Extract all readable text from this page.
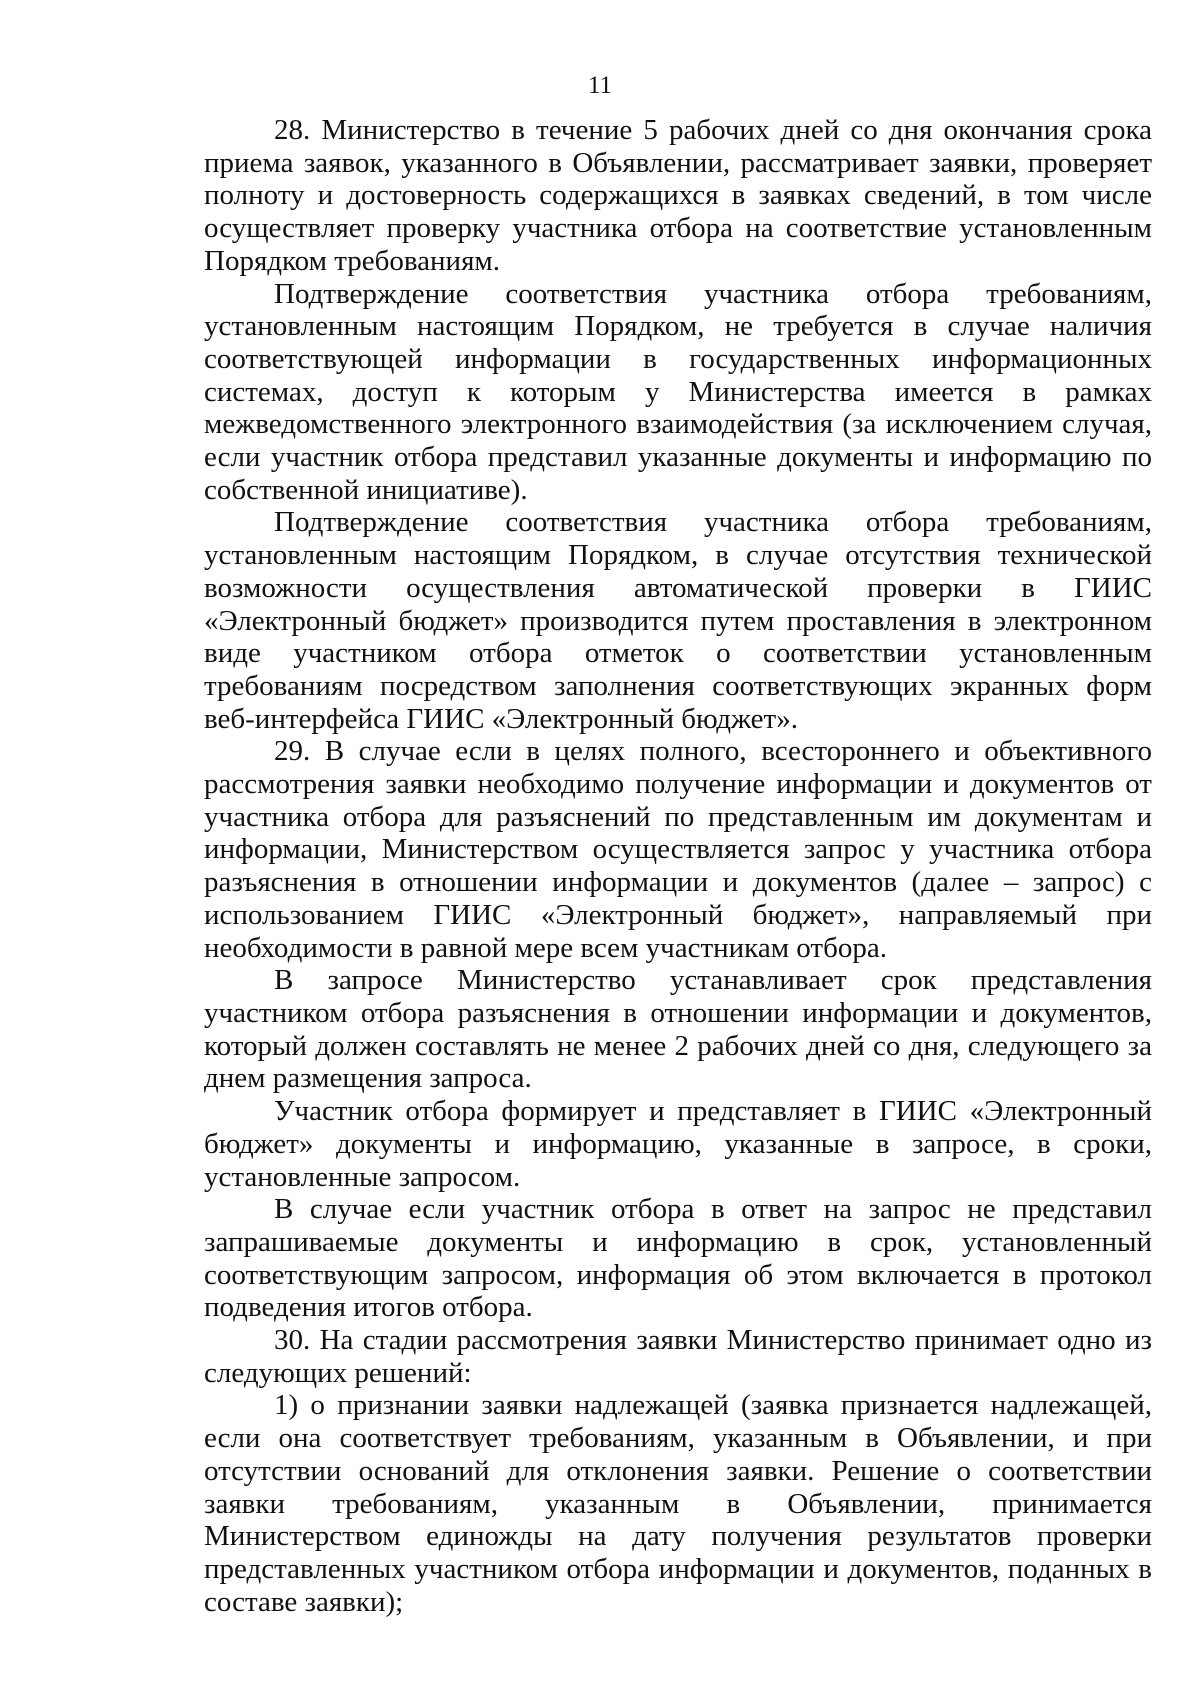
11

28. Министерство в течение 5 рабочих дней со дня окончания срока приема заявок, указанного в Объявлении, рассматривает заявки, проверяет полноту и достоверность содержащихся в заявках сведений, в том числе осуществляет проверку участника отбора на соответствие установленным Порядком требованиям.

Подтверждение соответствия участника отбора требованиям, установленным настоящим Порядком, не требуется в случае наличия соответствующей информации в государственных информационных системах, доступ к которым у Министерства имеется в рамках межведомственного электронного взаимодействия (за исключением случая, если участник отбора представил указанные документы и информацию по собственной инициативе).

Подтверждение соответствия участника отбора требованиям, установленным настоящим Порядком, в случае отсутствия технической возможности осуществления автоматической проверки в ГИИС «Электронный бюджет» производится путем проставления в электронном виде участником отбора отметок о соответствии установленным требованиям посредством заполнения соответствующих экранных форм веб-интерфейса ГИИС «Электронный бюджет».

29. В случае если в целях полного, всестороннего и объективного рассмотрения заявки необходимо получение информации и документов от участника отбора для разъяснений по представленным им документам и информации, Министерством осуществляется запрос у участника отбора разъяснения в отношении информации и документов (далее – запрос) с использованием ГИИС «Электронный бюджет», направляемый при необходимости в равной мере всем участникам отбора.

В запросе Министерство устанавливает срок представления участником отбора разъяснения в отношении информации и документов, который должен составлять не менее 2 рабочих дней со дня, следующего за днем размещения запроса.

Участник отбора формирует и представляет в ГИИС «Электронный бюджет» документы и информацию, указанные в запросе, в сроки, установленные запросом.

В случае если участник отбора в ответ на запрос не представил запрашиваемые документы и информацию в срок, установленный соответствующим запросом, информация об этом включается в протокол подведения итогов отбора.

30. На стадии рассмотрения заявки Министерство принимает одно из следующих решений:

1) о признании заявки надлежащей (заявка признается надлежащей, если она соответствует требованиям, указанным в Объявлении, и при отсутствии оснований для отклонения заявки. Решение о соответствии заявки требованиям, указанным в Объявлении, принимается Министерством единожды на дату получения результатов проверки представленных участником отбора информации и документов, поданных в составе заявки);
